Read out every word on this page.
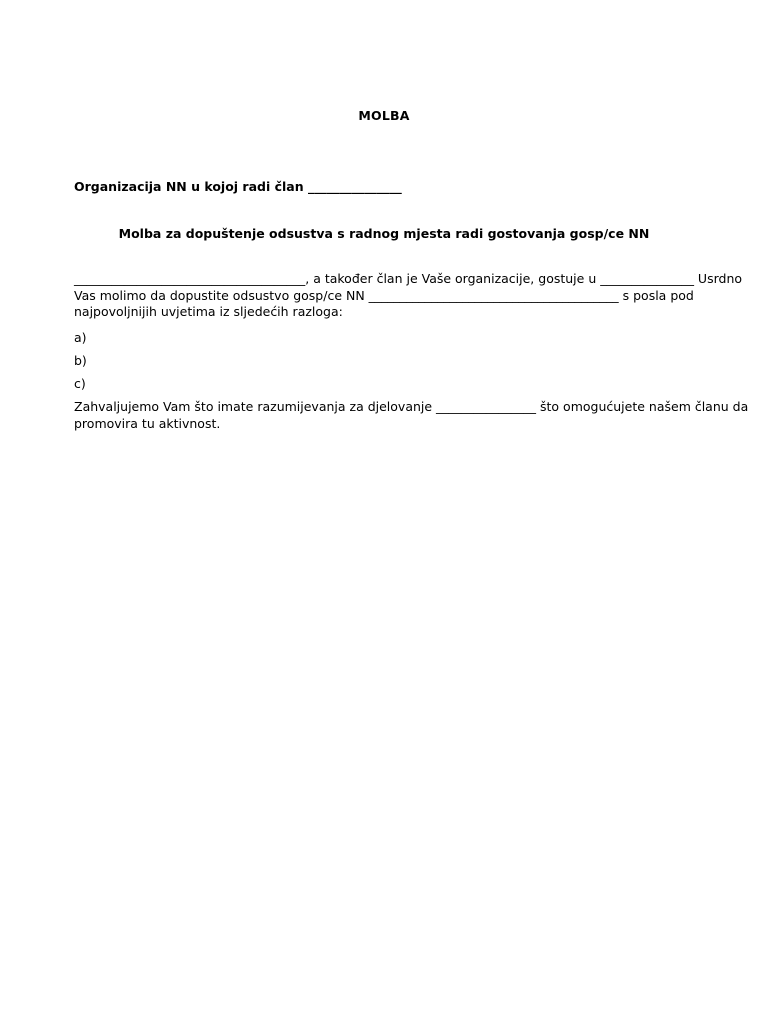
MOLBA
Organizacija NN u kojoj radi član _______________
Molba za dopuštenje odsustva s radnog mjesta radi gostovanja gosp/ce NN
_____________________________________, a također član je Vaše organizacije, gostuje u _______________ Usrdno
Vas molimo da dopustite odsustvo gosp/ce NN ________________________________________ s posla pod
najpovoljnijih uvjetima iz sljedećih razloga:
a)
b)
c)
Zahvaljujemo Vam što imate razumijevanja za djelovanje ________________ što omogućujete našem članu da
promovira tu aktivnost.
